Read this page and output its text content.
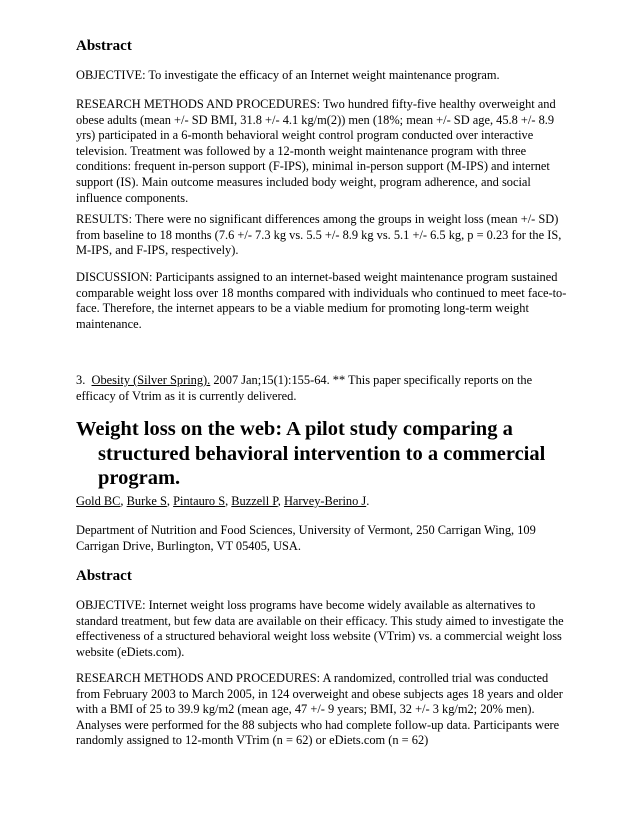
Abstract

OBJECTIVE: To investigate the efficacy of an Internet weight maintenance program.

RESEARCH METHODS AND PROCEDURES: Two hundred fifty-five healthy overweight and obese adults (mean +/- SD BMI, 31.8 +/- 4.1 kg/m(2)) men (18%; mean +/- SD age, 45.8 +/- 8.9 yrs) participated in a 6-month behavioral weight control program conducted over interactive television. Treatment was followed by a 12-month weight maintenance program with three conditions: frequent in-person support (F-IPS), minimal in-person support (M-IPS) and internet support (IS). Main outcome measures included body weight, program adherence, and social influence components.

RESULTS: There were no significant differences among the groups in weight loss (mean +/- SD) from baseline to 18 months (7.6 +/- 7.3 kg vs. 5.5 +/- 8.9 kg vs. 5.1 +/- 6.5 kg, p = 0.23 for the IS, M-IPS, and F-IPS, respectively).

DISCUSSION: Participants assigned to an internet-based weight maintenance program sustained comparable weight loss over 18 months compared with individuals who continued to meet face-to-face. Therefore, the internet appears to be a viable medium for promoting long-term weight maintenance.

3. Obesity (Silver Spring). 2007 Jan;15(1):155-64. ** This paper specifically reports on the efficacy of Vtrim as it is currently delivered.

Weight loss on the web: A pilot study comparing a structured behavioral intervention to a commercial program.

Gold BC, Burke S, Pintauro S, Buzzell P, Harvey-Berino J.

Department of Nutrition and Food Sciences, University of Vermont, 250 Carrigan Wing, 109 Carrigan Drive, Burlington, VT 05405, USA.

Abstract

OBJECTIVE: Internet weight loss programs have become widely available as alternatives to standard treatment, but few data are available on their efficacy. This study aimed to investigate the effectiveness of a structured behavioral weight loss website (VTrim) vs. a commercial weight loss website (eDiets.com).

RESEARCH METHODS AND PROCEDURES: A randomized, controlled trial was conducted from February 2003 to March 2005, in 124 overweight and obese subjects ages 18 years and older with a BMI of 25 to 39.9 kg/m2 (mean age, 47 +/- 9 years; BMI, 32 +/- 3 kg/m2; 20% men). Analyses were performed for the 88 subjects who had complete follow-up data. Participants were randomly assigned to 12-month VTrim (n = 62) or eDiets.com (n = 62)
